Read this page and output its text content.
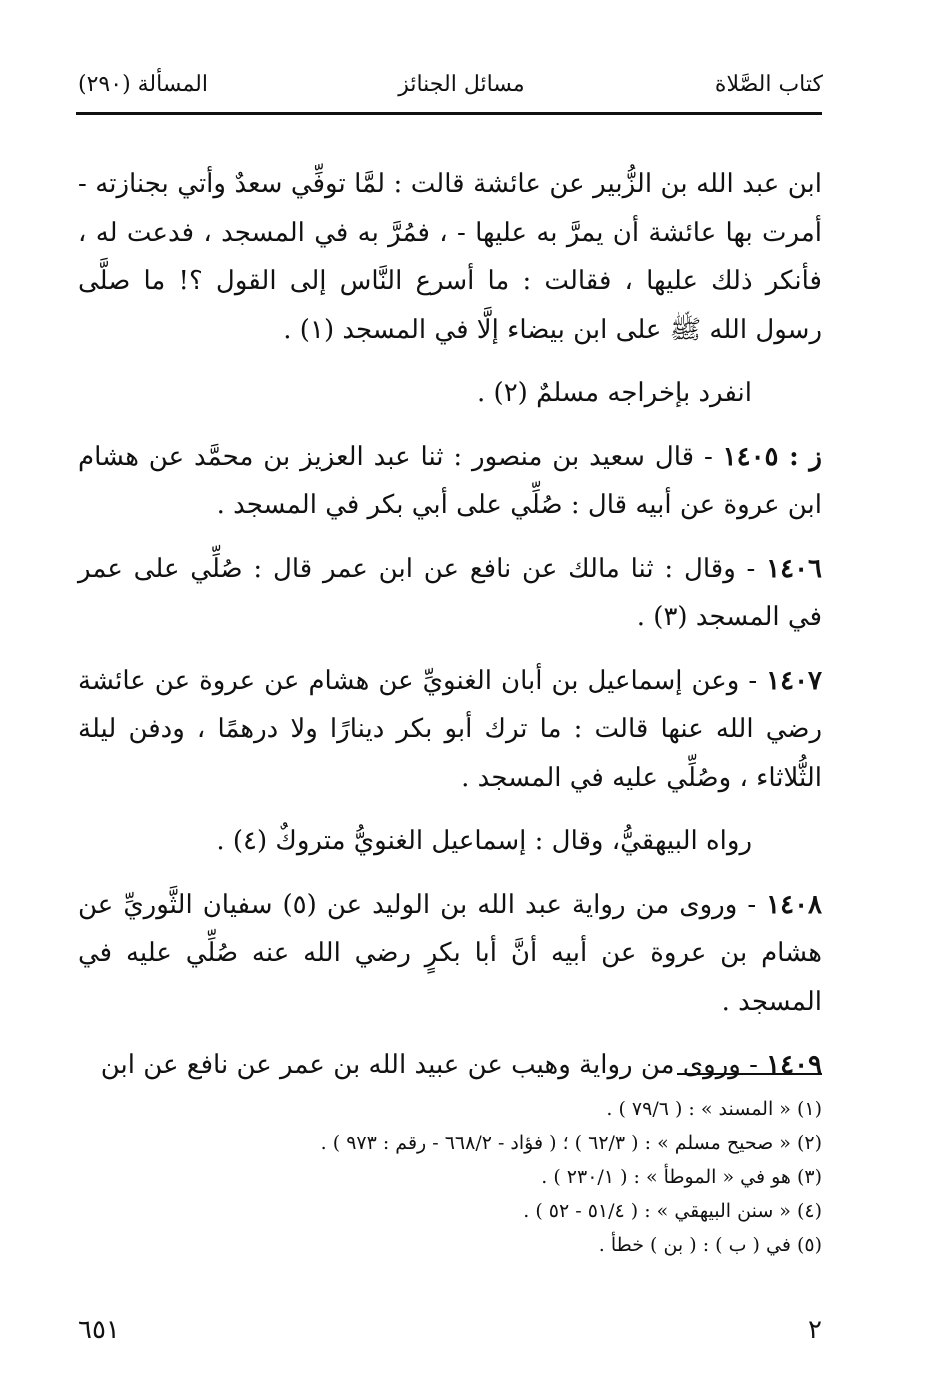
كتاب الصَّلاة
مسائل الجنائز
المسألة (٢٩٠)

ابن عبد الله بن الزُّبير عن عائشة قالت : لمَّا توفِّي سعدٌ وأتي بجنازته - أمرت بها عائشة أن يمرَّ به عليها - ، فمُرَّ به في المسجد ، فدعت له ، فأنكر ذلك عليها ، فقالت : ما أسرع النَّاس إلى القول ؟! ما صلَّى رسول الله ﷺ على ابن بيضاء إلَّا في المسجد (١) .

انفرد بإخراجه مسلمٌ (٢) .

ز : ١٤٠٥ - قال سعيد بن منصور : ثنا عبد العزيز بن محمَّد عن هشام ابن عروة عن أبيه قال : صُلِّي على أبي بكر في المسجد .

١٤٠٦ - وقال : ثنا مالك عن نافع عن ابن عمر قال : صُلِّي على عمر في المسجد (٣) .

١٤٠٧ - وعن إسماعيل بن أبان الغنويِّ عن هشام عن عروة عن عائشة رضي الله عنها قالت : ما ترك أبو بكر دينارًا ولا درهمًا ، ودفن ليلة الثُّلاثاء ، وصُلِّي عليه في المسجد .

رواه البيهقيُّ، وقال : إسماعيل الغنويُّ متروكٌ (٤) .

١٤٠٨ - وروى من رواية عبد الله بن الوليد عن (٥) سفيان الثَّوريِّ عن هشام بن عروة عن أبيه أنَّ أبا بكرٍ رضي الله عنه صُلِّي عليه في المسجد .

١٤٠٩ - وروى من رواية وهيب عن عبيد الله بن عمر عن نافع عن ابن

(١) « المسند » : ( ٧٩/٦ ) .
(٢) « صحيح مسلم » : ( ٦٢/٣ ) ؛ ( فؤاد - ٦٦٨/٢ - رقم : ٩٧٣ ) .
(٣) هو في « الموطأ » : ( ٢٣٠/١ ) .
(٤) « سنن البيهقي » : ( ٥١/٤ - ٥٢ ) .
(٥) في ( ب ) : ( بن ) خطأ .
٢
٦٥١
